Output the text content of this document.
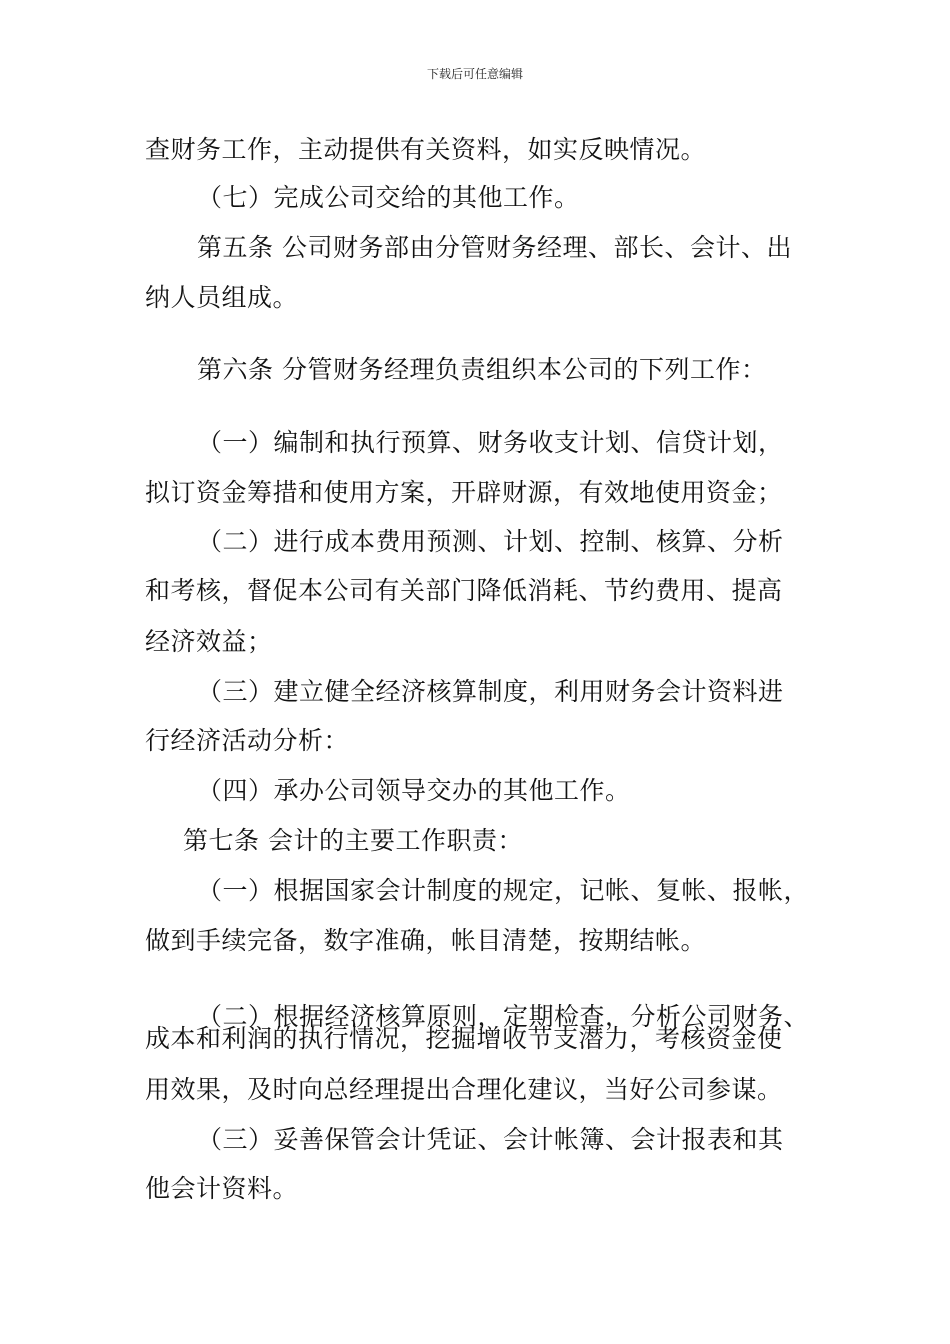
下载后可任意编辑
查财务工作，主动提供有关资料，如实反映情况。
（七）完成公司交给的其他工作。
第五条 公司财务部由分管财务经理、部长、会计、出
纳人员组成。
第六条 分管财务经理负责组织本公司的下列工作：
（一）编制和执行预算、财务收支计划、信贷计划，
拟订资金筹措和使用方案，开辟财源，有效地使用资金；
（二）进行成本费用预测、计划、控制、核算、分析
和考核，督促本公司有关部门降低消耗、节约费用、提高
经济效益；
（三）建立健全经济核算制度，利用财务会计资料进
行经济活动分析：
（四）承办公司领导交办的其他工作。
第七条 会计的主要工作职责：
（一）根据国家会计制度的规定，记帐、复帐、报帐，
做到手续完备，数字准确，帐目清楚，按期结帐。
（二）根据经济核算原则，定期检查，分析公司财务、
成本和利润的执行情况，挖掘增收节支潜力，考核资金使
用效果，及时向总经理提出合理化建议，当好公司参谋。
（三）妥善保管会计凭证、会计帐簿、会计报表和其
他会计资料。
